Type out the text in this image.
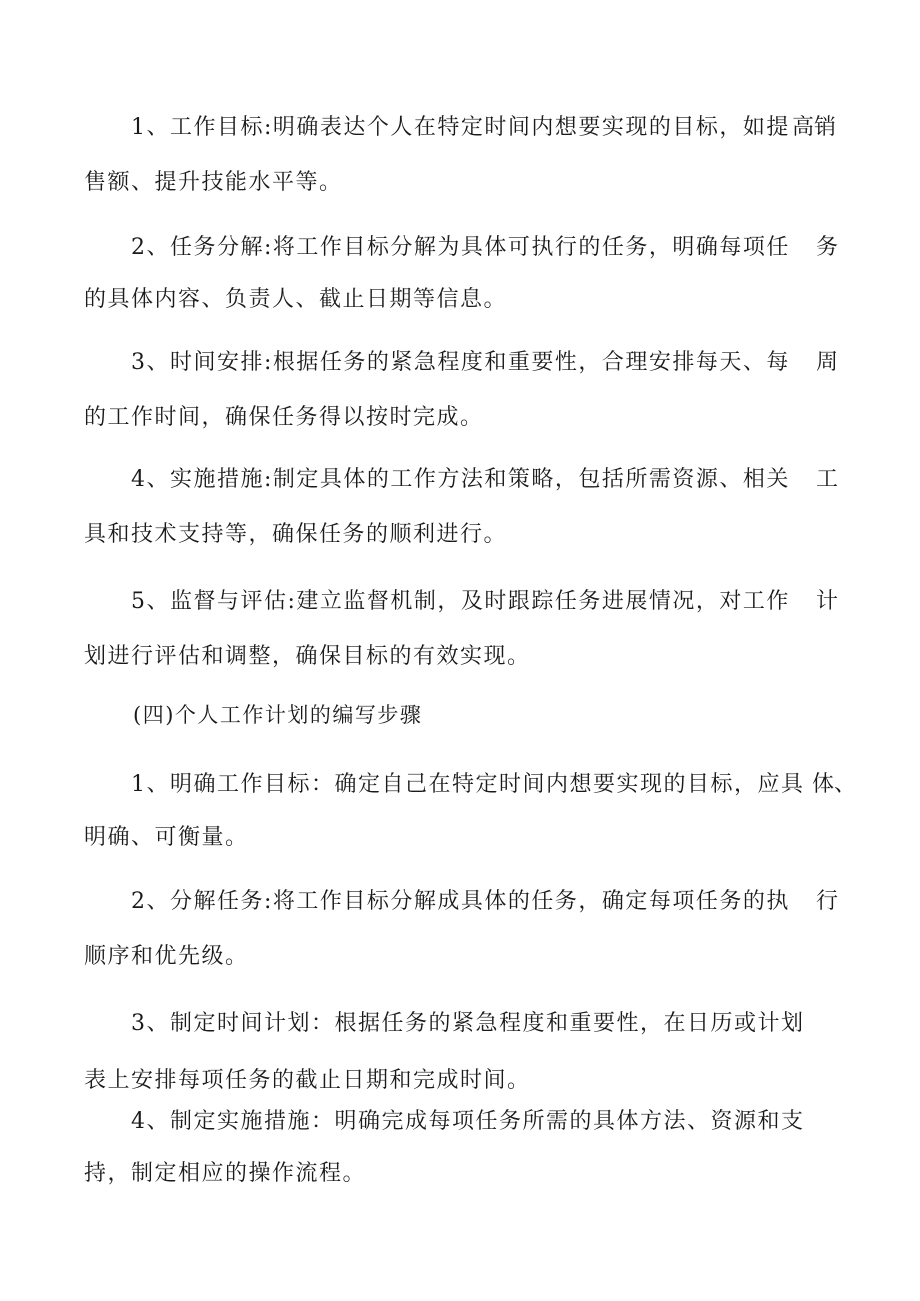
1、工作目标:明确表达个人在特定时间内想要实现的目标，如提 高销
售额、提升技能水平等。
2、任务分解:将工作目标分解为具体可执行的任务，明确每项任 务
的具体内容、负责人、截止日期等信息。
3、时间安排:根据任务的紧急程度和重要性，合理安排每天、每 周
的工作时间，确保任务得以按时完成。
4、实施措施:制定具体的工作方法和策略，包括所需资源、相关 工
具和技术支持等，确保任务的顺利进行。
5、监督与评估:建立监督机制，及时跟踪任务进展情况，对工作 计
划进行评估和调整，确保目标的有效实现。
(四)个人工作计划的编写步骤
1、明确工作目标：确定自己在特定时间内想要实现的目标，应具 体、
明确、可衡量。
2、分解任务:将工作目标分解成具体的任务，确定每项任务的执 行
顺序和优先级。
3、制定时间计划：根据任务的紧急程度和重要性，在日历或计划
表上安排每项任务的截止日期和完成时间。
4、制定实施措施：明确完成每项任务所需的具体方法、资源和支
持，制定相应的操作流程。
